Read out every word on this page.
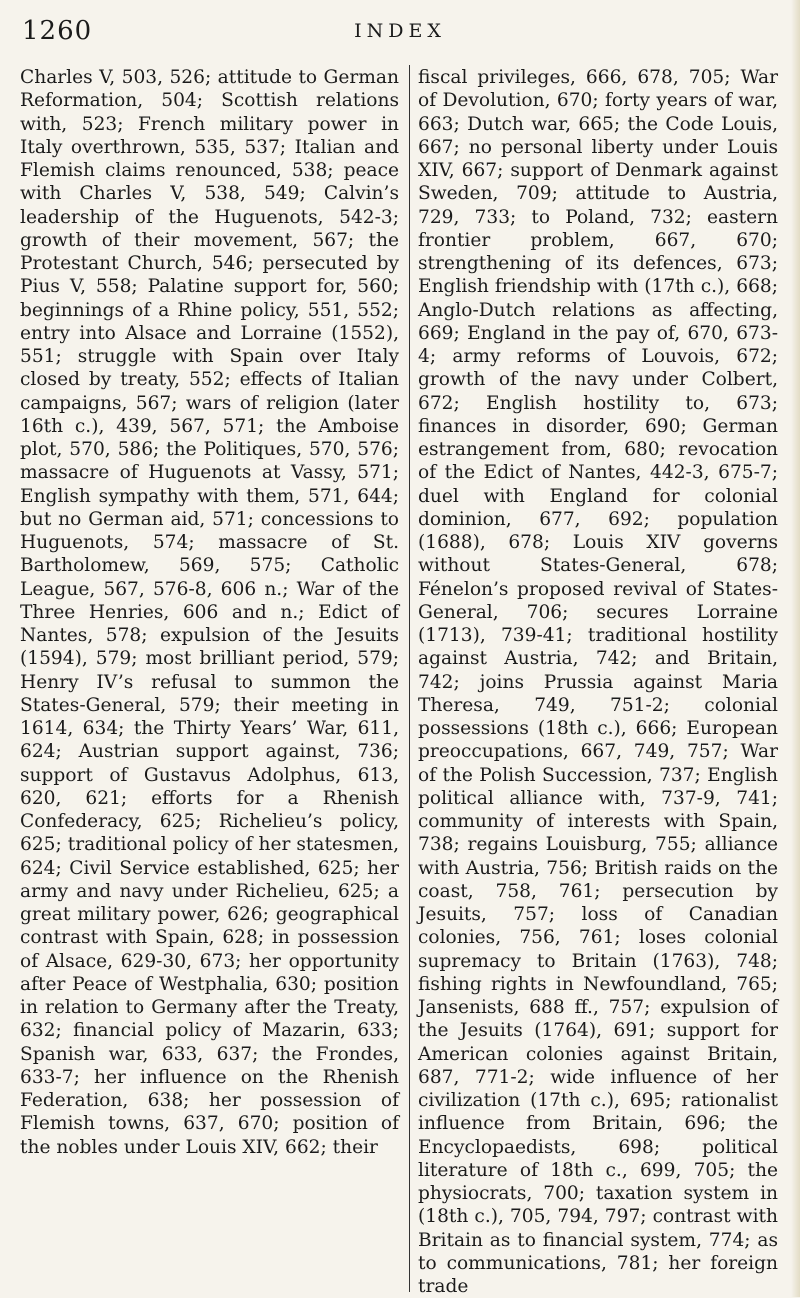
1260	INDEX
Charles V, 503, 526; attitude to German Reformation, 504; Scottish relations with, 523; French military power in Italy overthrown, 535, 537; Italian and Flemish claims renounced, 538; peace with Charles V, 538, 549; Calvin’s leadership of the Huguenots, 542-3; growth of their movement, 567; the Protestant Church, 546; persecuted by Pius V, 558; Palatine support for, 560; beginnings of a Rhine policy, 551, 552; entry into Alsace and Lorraine (1552), 551; struggle with Spain over Italy closed by treaty, 552; effects of Italian campaigns, 567; wars of religion (later 16th c.), 439, 567, 571; the Amboise plot, 570, 586; the Politiques, 570, 576; massacre of Huguenots at Vassy, 571; English sympathy with them, 571, 644; but no German aid, 571; concessions to Huguenots, 574; massacre of St. Bartholomew, 569, 575; Catholic League, 567, 576-8, 606 n.; War of the Three Henries, 606 and n.; Edict of Nantes, 578; expulsion of the Jesuits (1594), 579; most brilliant period, 579; Henry IV’s refusal to summon the States-General, 579; their meeting in 1614, 634; the Thirty Years’ War, 611, 624; Austrian support against, 736; support of Gustavus Adolphus, 613, 620, 621; efforts for a Rhenish Confederacy, 625; Richelieu’s policy, 625; traditional policy of her statesmen, 624; Civil Service established, 625; her army and navy under Richelieu, 625; a great military power, 626; geographical contrast with Spain, 628; in possession of Alsace, 629-30, 673; her opportunity after Peace of Westphalia, 630; position in relation to Germany after the Treaty, 632; financial policy of Mazarin, 633; Spanish war, 633, 637; the Frondes, 633-7; her influence on the Rhenish Federation, 638; her possession of Flemish towns, 637, 670; position of the nobles under Louis XIV, 662; their
fiscal privileges, 666, 678, 705; War of Devolution, 670; forty years of war, 663; Dutch war, 665; the Code Louis, 667; no personal liberty under Louis XIV, 667; support of Denmark against Sweden, 709; attitude to Austria, 729, 733; to Poland, 732; eastern frontier problem, 667, 670; strengthening of its defences, 673; English friendship with (17th c.), 668; Anglo-Dutch relations as affecting, 669; England in the pay of, 670, 673-4; army reforms of Louvois, 672; growth of the navy under Colbert, 672; English hostility to, 673; finances in disorder, 690; German estrangement from, 680; revocation of the Edict of Nantes, 442-3, 675-7; duel with England for colonial dominion, 677, 692; population (1688), 678; Louis XIV governs without States-General, 678; Fénelon’s proposed revival of States-General, 706; secures Lorraine (1713), 739-41; traditional hostility against Austria, 742; and Britain, 742; joins Prussia against Maria Theresa, 749, 751-2; colonial possessions (18th c.), 666; European preoccupations, 667, 749, 757; War of the Polish Succession, 737; English political alliance with, 737-9, 741; community of interests with Spain, 738; regains Louisburg, 755; alliance with Austria, 756; British raids on the coast, 758, 761; persecution by Jesuits, 757; loss of Canadian colonies, 756, 761; loses colonial supremacy to Britain (1763), 748; fishing rights in Newfoundland, 765; Jansenists, 688 ff., 757; expulsion of the Jesuits (1764), 691; support for American colonies against Britain, 687, 771-2; wide influence of her civilization (17th c.), 695; rationalist influence from Britain, 696; the Encyclopaedists, 698; political literature of 18th c., 699, 705; the physiocrats, 700; taxation system in (18th c.), 705, 794, 797; contrast with Britain as to financial system, 774; as to communications, 781; her foreign trade
